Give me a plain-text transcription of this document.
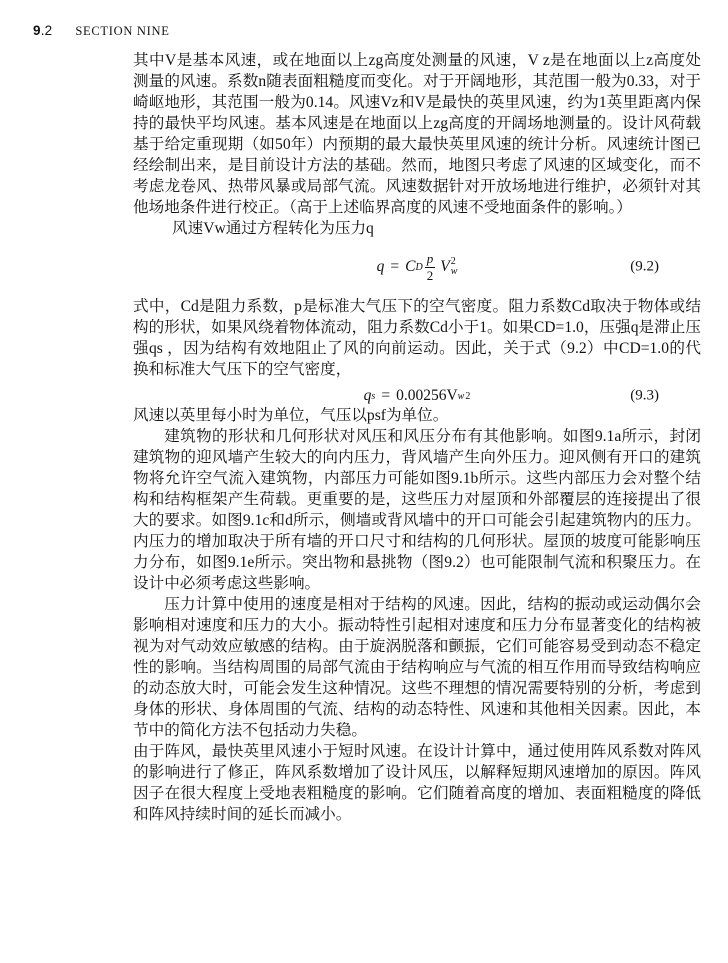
9.2 SECTION NINE

其中V是基本风速，或在地面以上zg高度处测量的风速，V z是在地面以上z高度处测量的风速。系数n随表面粗糙度而变化。对于开阔地形，其范围一般为0.33，对于崎岖地形，其范围一般为0.14。风速Vz和V是最快的英里风速，约为1英里距离内保持的最快平均风速。基本风速是在地面以上zg高度的开阔场地测量的。设计风荷载基于给定重现期（如50年）内预期的最大最快英里风速的统计分析。风速统计图已经绘制出来，是目前设计方法的基础。然而，地图只考虑了风速的区域变化，而不考虑龙卷风、热带风暴或局部气流。风速数据针对开放场地进行维护，必须针对其他场地条件进行校正。（高于上述临界高度的风速不受地面条件的影响。）

风速Vw通过方程转化为压力q

q = C D $\frac{p}{2}$ V 2
w	(9.2)

式中，Cd是阻力系数，p是标准大气压下的空气密度。阻力系数Cd取决于物体或结构的形状，如果风绕着物体流动，阻力系数Cd小于1。如果CD=1.0，压强q是滞止压强qs ，因为结构有效地阻止了风的向前运动。因此，关于式（9.2）中CD=1.0的代换和标准大气压下的空气密度，

q s = 0.00256V w 2	(9.3)

风速以英里每小时为单位，气压以psf为单位。

建筑物的形状和几何形状对风压和风压分布有其他影响。如图9.1a所示，封闭建筑物的迎风墙产生较大的向内压力，背风墙产生向外压力。迎风侧有开口的建筑物将允许空气流入建筑物，内部压力可能如图9.1b所示。这些内部压力会对整个结构和结构框架产生荷载。更重要的是，这些压力对屋顶和外部覆层的连接提出了很大的要求。如图9.1c和d所示，侧墙或背风墙中的开口可能会引起建筑物内的压力。内压力的增加取决于所有墙的开口尺寸和结构的几何形状。屋顶的坡度可能影响压力分布，如图9.1e所示。突出物和悬挑物（图9.2）也可能限制气流和积聚压力。在设计中必须考虑这些影响。

压力计算中使用的速度是相对于结构的风速。因此，结构的振动或运动偶尔会影响相对速度和压力的大小。振动特性引起相对速度和压力分布显著变化的结构被视为对气动效应敏感的结构。由于旋涡脱落和颤振，它们可能容易受到动态不稳定性的影响。当结构周围的局部气流由于结构响应与气流的相互作用而导致结构响应的动态放大时，可能会发生这种情况。这些不理想的情况需要特别的分析，考虑到身体的形状、身体周围的气流、结构的动态特性、风速和其他相关因素。因此，本节中的简化方法不包括动力失稳。

由于阵风，最快英里风速小于短时风速。在设计计算中，通过使用阵风系数对阵风的影响进行了修正，阵风系数增加了设计风压，以解释短期风速增加的原因。阵风因子在很大程度上受地表粗糙度的影响。它们随着高度的增加、表面粗糙度的降低和阵风持续时间的延长而减小。
